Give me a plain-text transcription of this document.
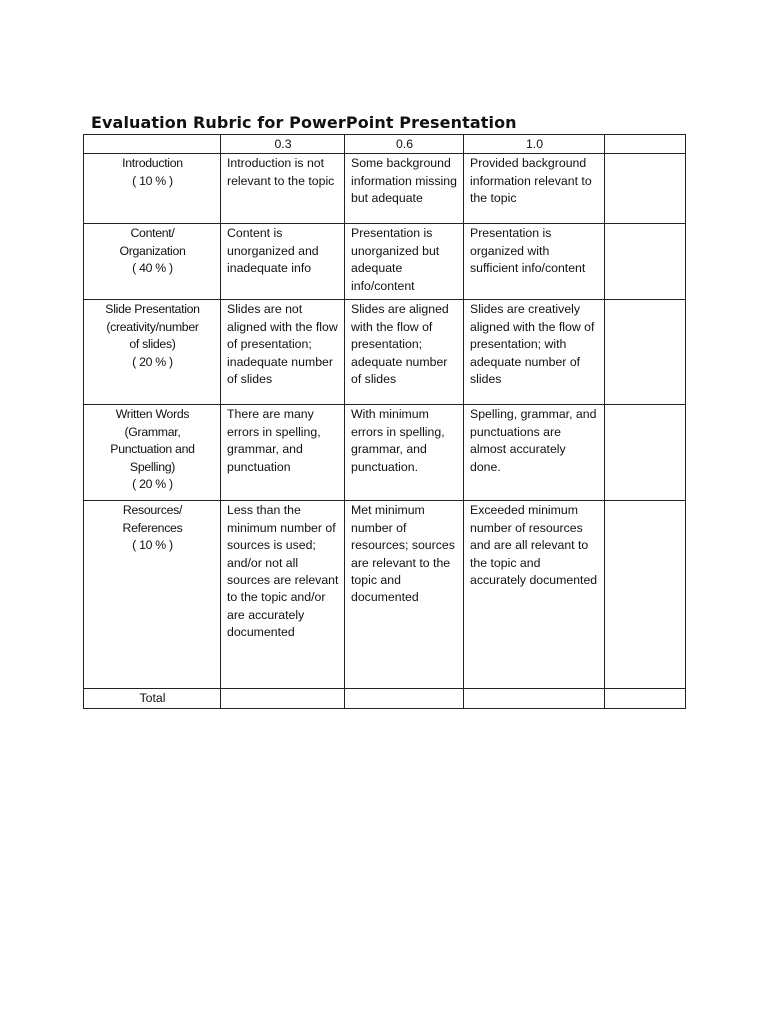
Evaluation Rubric for PowerPoint Presentation
	0.3	0.6	1.0	

Introduction
( 10 % )	Introduction is not relevant to the topic	Some background information missing but adequate	Provided background information relevant to the topic	

Content/
Organization
( 40 % )	Content is unorganized and inadequate info	Presentation is unorganized but adequate info/content	Presentation is organized with sufficient info/content	

Slide Presentation
(creativity/number
of slides)
( 20 % )	Slides are not aligned with the flow of presentation; inadequate number of slides	Slides are aligned with the flow of presentation; adequate number of slides	Slides are creatively aligned with the flow of presentation; with adequate number of slides	

Written Words
(Grammar,
Punctuation and
Spelling)
( 20 % )	There are many errors in spelling, grammar, and punctuation	With minimum errors in spelling, grammar, and punctuation.	Spelling, grammar, and punctuations are almost accurately done.	

Resources/
References
( 10 % )	Less than the minimum number of sources is used; and/or not all sources are relevant to the topic and/or are accurately documented	Met minimum number of resources; sources are relevant to the topic and documented	Exceeded minimum number of resources and are all relevant to the topic and accurately documented	
Total				
